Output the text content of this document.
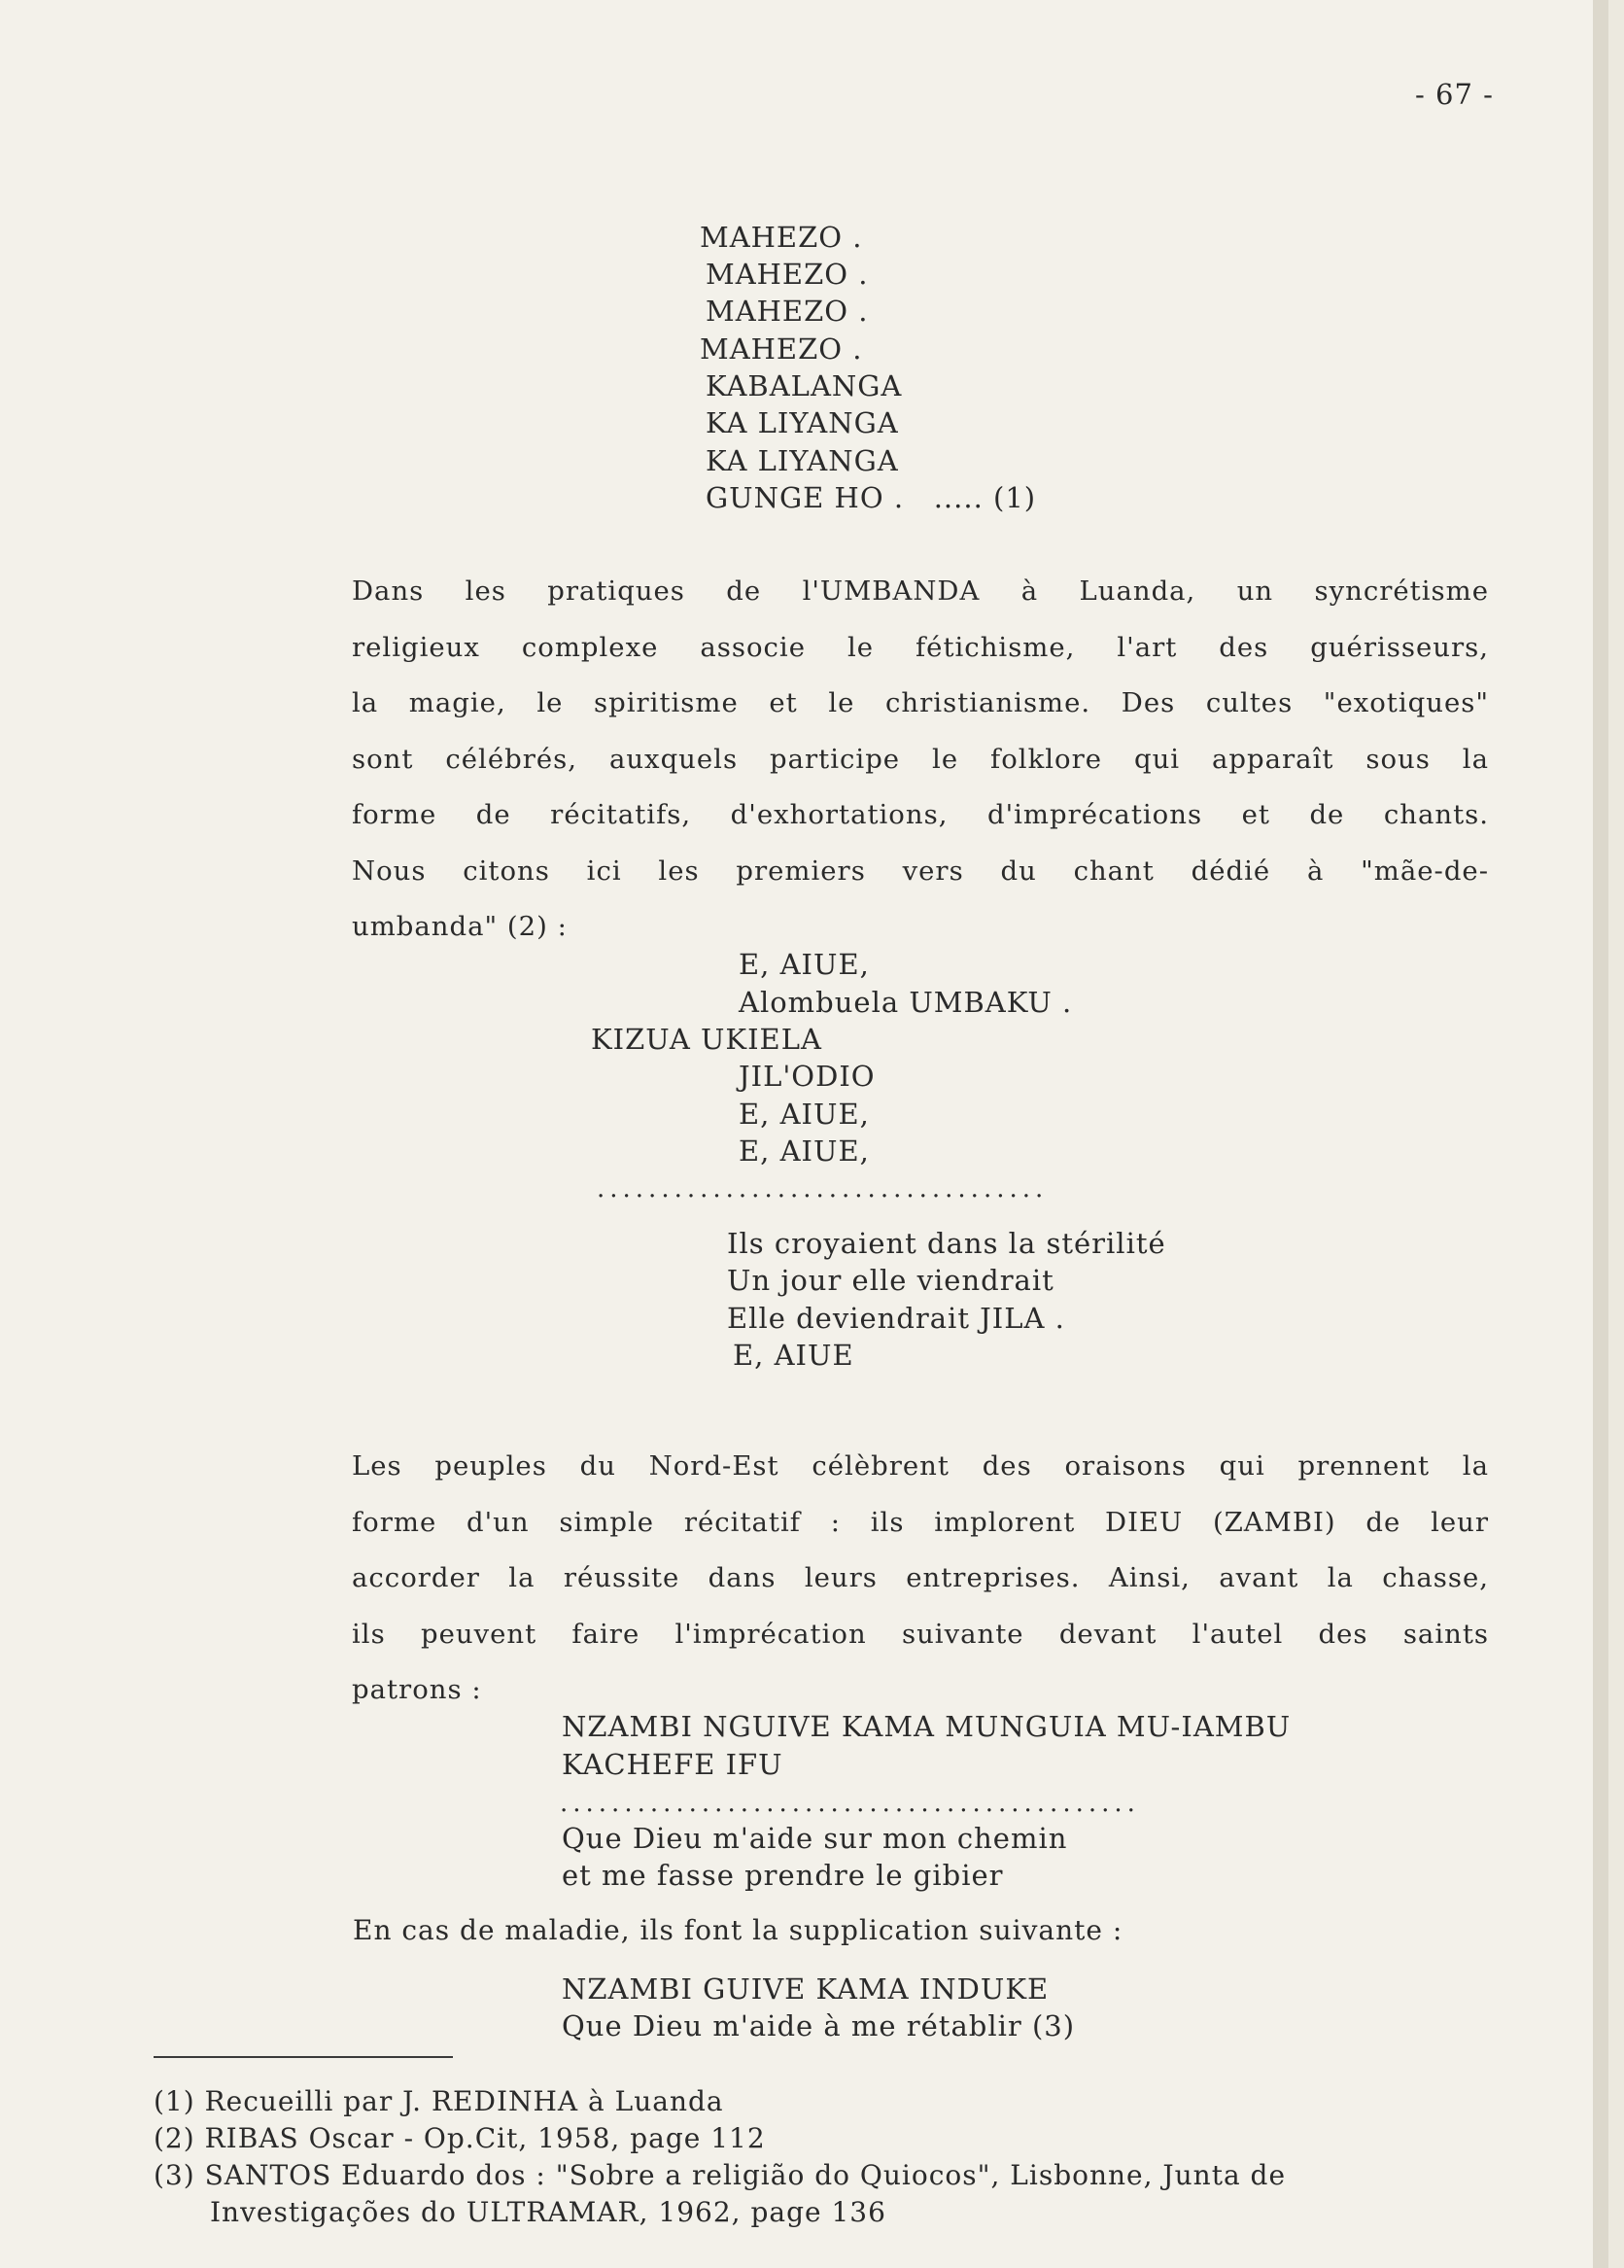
- 67 -
MAHEZO .
MAHEZO .
MAHEZO .
MAHEZO .
KABALANGA
KA LIYANGA
KA LIYANGA
GUNGE HO .   ..... (1)
Dans les pratiques de l'UMBANDA à Luanda, un syncrétisme
religieux complexe associe le fétichisme, l'art des guérisseurs,
la magie, le spiritisme et le christianisme. Des cultes "exotiques"
sont célébrés, auxquels participe le folklore qui apparaît sous la
forme de récitatifs, d'exhortations, d'imprécations et de chants.
Nous citons ici les premiers vers du chant dédié à "mãe-de-
umbanda" (2) :
E, AIUE,
Alombuela UMBAKU .
KIZUA UKIELA
JIL'ODIO
E, AIUE,
E, AIUE,
...................................
Ils croyaient dans la stérilité
Un jour elle viendrait
Elle deviendrait JILA .
E, AIUE
Les peuples du Nord-Est célèbrent des oraisons qui prennent la
forme d'un simple récitatif : ils implorent DIEU (ZAMBI) de leur
accorder la réussite dans leurs entreprises. Ainsi, avant la chasse,
ils peuvent faire l'imprécation suivante devant l'autel des saints
patrons :
NZAMBI NGUIVE KAMA MUNGUIA MU-IAMBU
KACHEFE IFU
.............................................
Que Dieu m'aide sur mon chemin
et me fasse prendre le gibier
En cas de maladie, ils font la supplication suivante :
NZAMBI GUIVE KAMA INDUKE
Que Dieu m'aide à me rétablir (3)
(1) Recueilli par J. REDINHA à Luanda
(2) RIBAS Oscar - Op.Cit, 1958, page 112
(3) SANTOS Eduardo dos : "Sobre a religião do Quiocos", Lisbonne, Junta de
Investigações do ULTRAMAR, 1962, page 136
